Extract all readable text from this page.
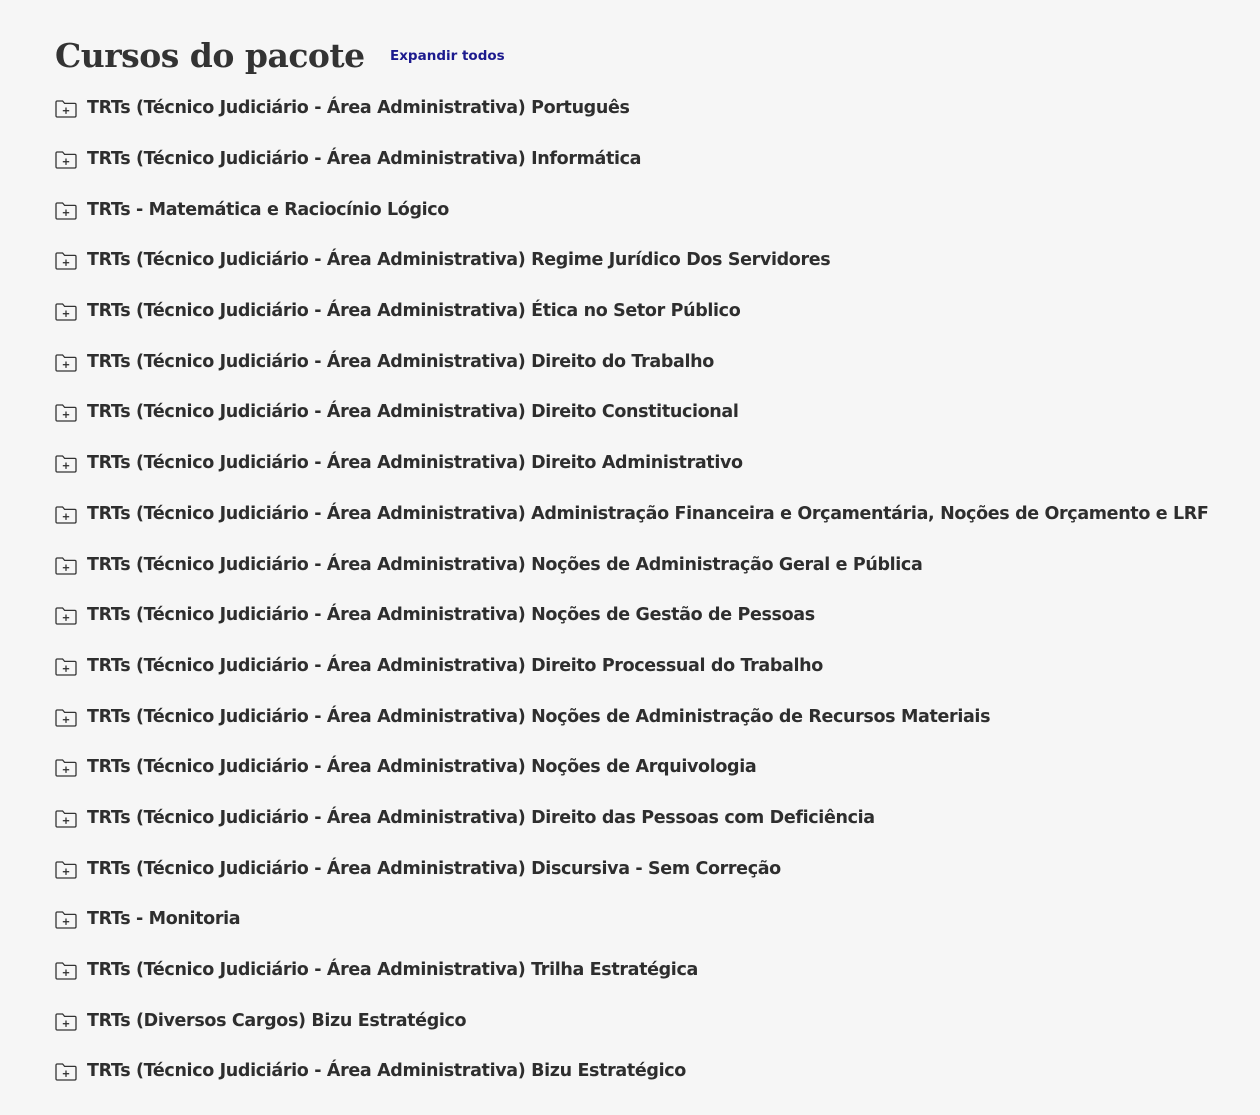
Cursos do pacote Expandir todos
TRTs (Técnico Judiciário - Área Administrativa) Português
TRTs (Técnico Judiciário - Área Administrativa) Informática
TRTs - Matemática e Raciocínio Lógico
TRTs (Técnico Judiciário - Área Administrativa) Regime Jurídico Dos Servidores
TRTs (Técnico Judiciário - Área Administrativa) Ética no Setor Público
TRTs (Técnico Judiciário - Área Administrativa) Direito do Trabalho
TRTs (Técnico Judiciário - Área Administrativa) Direito Constitucional
TRTs (Técnico Judiciário - Área Administrativa) Direito Administrativo
TRTs (Técnico Judiciário - Área Administrativa) Administração Financeira e Orçamentária, Noções de Orçamento e LRF
TRTs (Técnico Judiciário - Área Administrativa) Noções de Administração Geral e Pública
TRTs (Técnico Judiciário - Área Administrativa) Noções de Gestão de Pessoas
TRTs (Técnico Judiciário - Área Administrativa) Direito Processual do Trabalho
TRTs (Técnico Judiciário - Área Administrativa) Noções de Administração de Recursos Materiais
TRTs (Técnico Judiciário - Área Administrativa) Noções de Arquivologia
TRTs (Técnico Judiciário - Área Administrativa) Direito das Pessoas com Deficiência
TRTs (Técnico Judiciário - Área Administrativa) Discursiva - Sem Correção
TRTs - Monitoria
TRTs (Técnico Judiciário - Área Administrativa) Trilha Estratégica
TRTs (Diversos Cargos) Bizu Estratégico
TRTs (Técnico Judiciário - Área Administrativa) Bizu Estratégico
